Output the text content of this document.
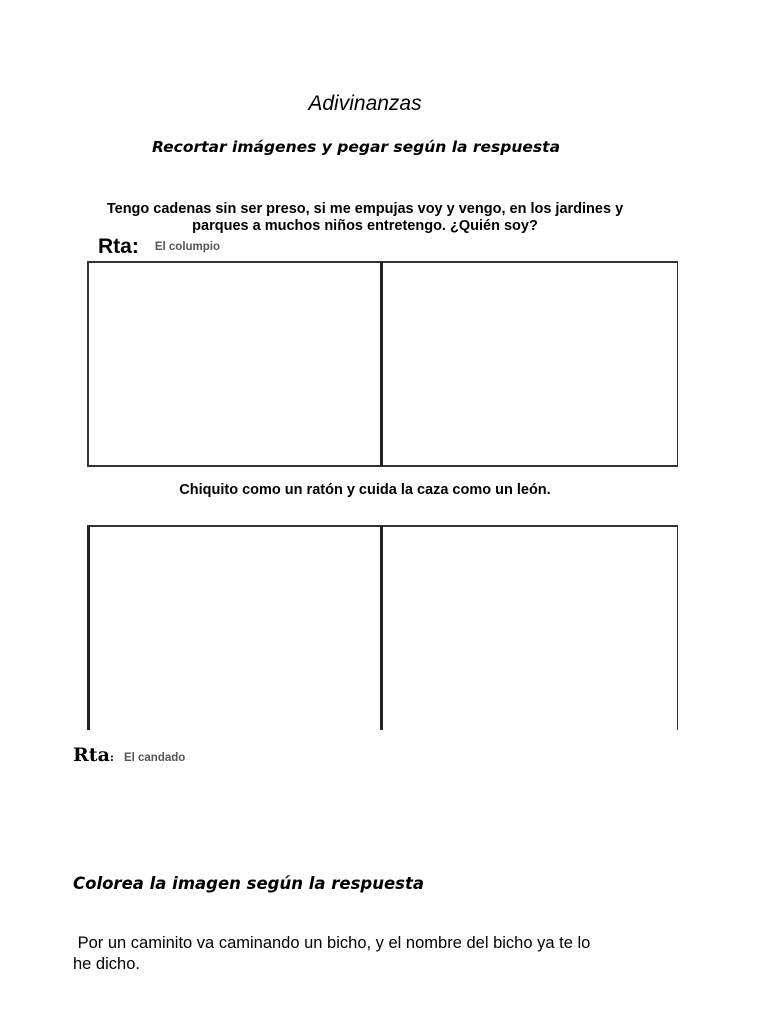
Adivinanzas
Recortar imágenes y pegar según la respuesta
Tengo cadenas sin ser preso, si me empujas voy y vengo, en los jardines y
parques a muchos niños entretengo. ¿Quién soy?
Rta: El columpio
Chiquito como un ratón y cuida la caza como un león.
Rta: El candado
Colorea la imagen según la respuesta
Por un caminito va caminando un bicho, y el nombre del bicho ya te lo
he dicho.
